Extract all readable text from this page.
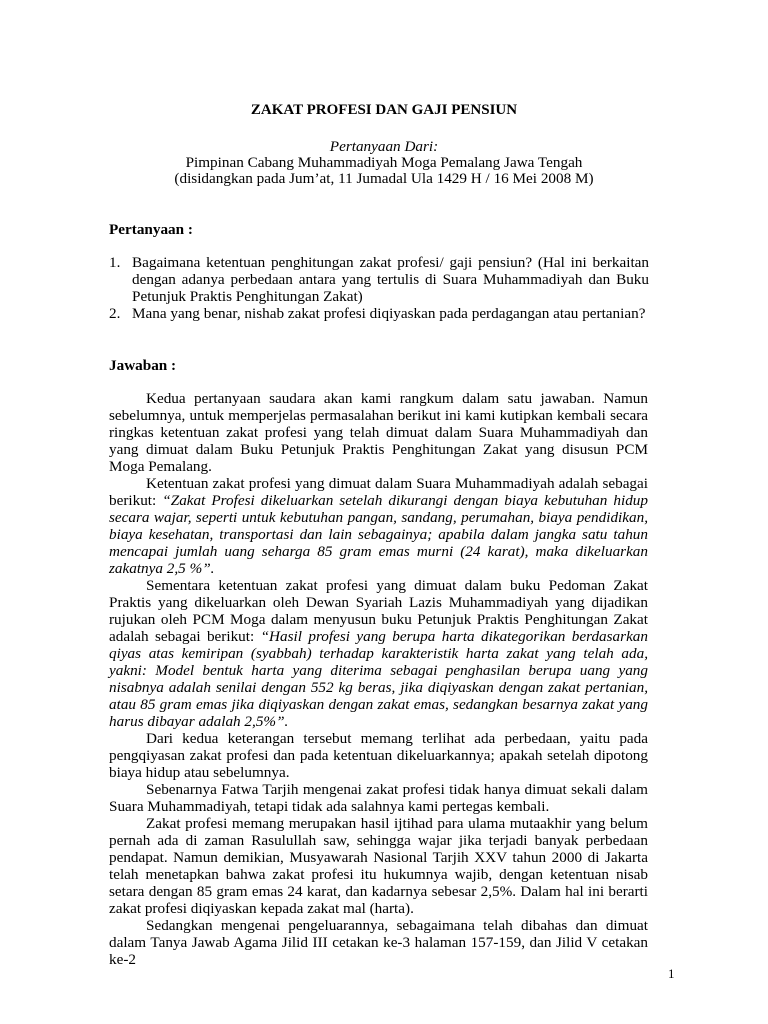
ZAKAT PROFESI DAN GAJI PENSIUN
Pertanyaan Dari:
Pimpinan Cabang Muhammadiyah Moga Pemalang Jawa Tengah
(disidangkan pada Jum’at, 11 Jumadal Ula 1429 H / 16 Mei 2008 M)
Pertanyaan :
1. Bagaimana ketentuan penghitungan zakat profesi/ gaji pensiun? (Hal ini berkaitan dengan adanya perbedaan antara yang tertulis di Suara Muhammadiyah dan Buku Petunjuk Praktis Penghitungan Zakat)
2. Mana yang benar, nishab zakat profesi diqiyaskan pada perdagangan atau pertanian?
Jawaban :

Kedua pertanyaan saudara akan kami rangkum dalam satu jawaban. Namun sebelumnya, untuk memperjelas permasalahan berikut ini kami kutipkan kembali secara ringkas ketentuan zakat profesi yang telah dimuat dalam Suara Muhammadiyah dan yang dimuat dalam Buku Petunjuk Praktis Penghitungan Zakat yang disusun PCM Moga Pemalang.

Ketentuan zakat profesi yang dimuat dalam Suara Muhammadiyah adalah sebagai berikut: “Zakat Profesi dikeluarkan setelah dikurangi dengan biaya kebutuhan hidup secara wajar, seperti untuk kebutuhan pangan, sandang, perumahan, biaya pendidikan, biaya kesehatan, transportasi dan lain sebagainya; apabila dalam jangka satu tahun mencapai jumlah uang seharga 85 gram emas murni (24 karat), maka dikeluarkan zakatnya 2,5 %”.

Sementara ketentuan zakat profesi yang dimuat dalam buku Pedoman Zakat Praktis yang dikeluarkan oleh Dewan Syariah Lazis Muhammadiyah yang dijadikan rujukan oleh PCM Moga dalam menyusun buku Petunjuk Praktis Penghitungan Zakat adalah sebagai berikut: “Hasil profesi yang berupa harta dikategorikan berdasarkan qiyas atas kemiripan (syabbah) terhadap karakteristik harta zakat yang telah ada, yakni: Model bentuk harta yang diterima sebagai penghasilan berupa uang yang nisabnya adalah senilai dengan 552 kg beras, jika diqiyaskan dengan zakat pertanian, atau 85 gram emas jika diqiyaskan dengan zakat emas, sedangkan besarnya zakat yang harus dibayar adalah 2,5%”.

Dari kedua keterangan tersebut memang terlihat ada perbedaan, yaitu pada pengqiyasan zakat profesi dan pada ketentuan dikeluarkannya; apakah setelah dipotong biaya hidup atau sebelumnya.

Sebenarnya Fatwa Tarjih mengenai zakat profesi tidak hanya dimuat sekali dalam Suara Muhammadiyah, tetapi tidak ada salahnya kami pertegas kembali.

Zakat profesi memang merupakan hasil ijtihad para ulama mutaakhir yang belum pernah ada di zaman Rasulullah saw, sehingga wajar jika terjadi banyak perbedaan pendapat. Namun demikian, Musyawarah Nasional Tarjih XXV tahun 2000 di Jakarta telah menetapkan bahwa zakat profesi itu hukumnya wajib, dengan ketentuan nisab setara dengan 85 gram emas 24 karat, dan kadarnya sebesar 2,5%. Dalam hal ini berarti zakat profesi diqiyaskan kepada zakat mal (harta).

Sedangkan mengenai pengeluarannya, sebagaimana telah dibahas dan dimuat dalam Tanya Jawab Agama Jilid III cetakan ke-3 halaman 157-159, dan Jilid V cetakan ke-2

1
